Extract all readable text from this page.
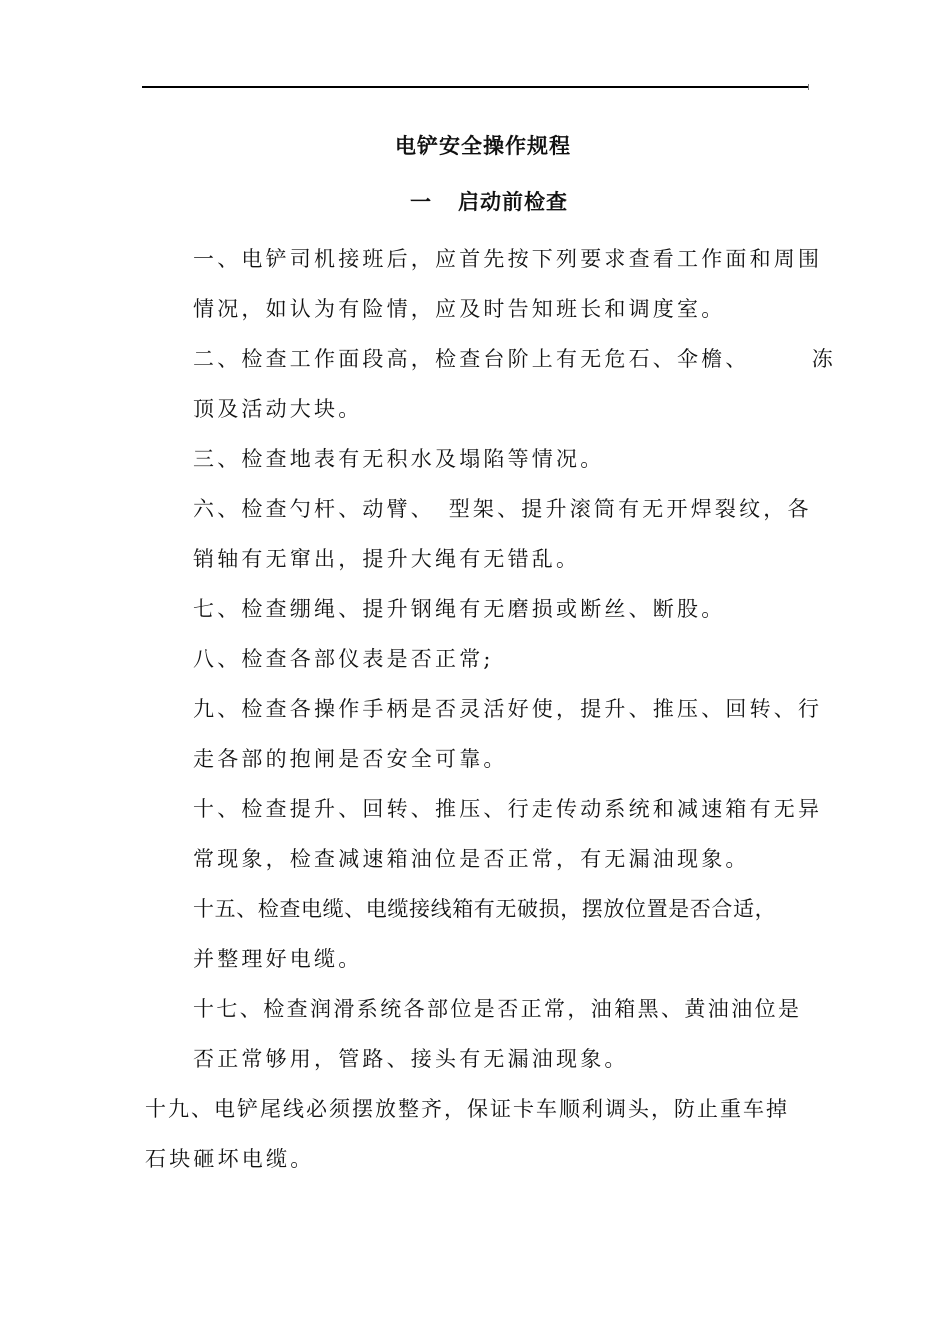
电铲安全操作规程
一 启动前检查
一、电铲司机接班后，应首先按下列要求查看工作面和周围
情况，如认为有险情，应及时告知班长和调度室。
二、检查工作面段高，检查台阶上有无危石、伞檐、　　　冻
顶及活动大块。
三、检查地表有无积水及塌陷等情况。
六、检查勺杆、动臂、　型架、提升滚筒有无开焊裂纹，各
销轴有无窜出，提升大绳有无错乱。
七、检查绷绳、提升钢绳有无磨损或断丝、断股。
八、检查各部仪表是否正常;
九、检查各操作手柄是否灵活好使，提升、推压、回转、行
走各部的抱闸是否安全可靠。
十、检查提升、回转、推压、行走传动系统和减速箱有无异
常现象，检查减速箱油位是否正常，有无漏油现象。
十五、检查电缆、电缆接线箱有无破损，摆放位置是否合适，
并整理好电缆。
十七、检查润滑系统各部位是否正常，油箱黑、黄油油位是
否正常够用，管路、接头有无漏油现象。
十九、电铲尾线必须摆放整齐，保证卡车顺利调头，防止重车掉
石块砸坏电缆。
